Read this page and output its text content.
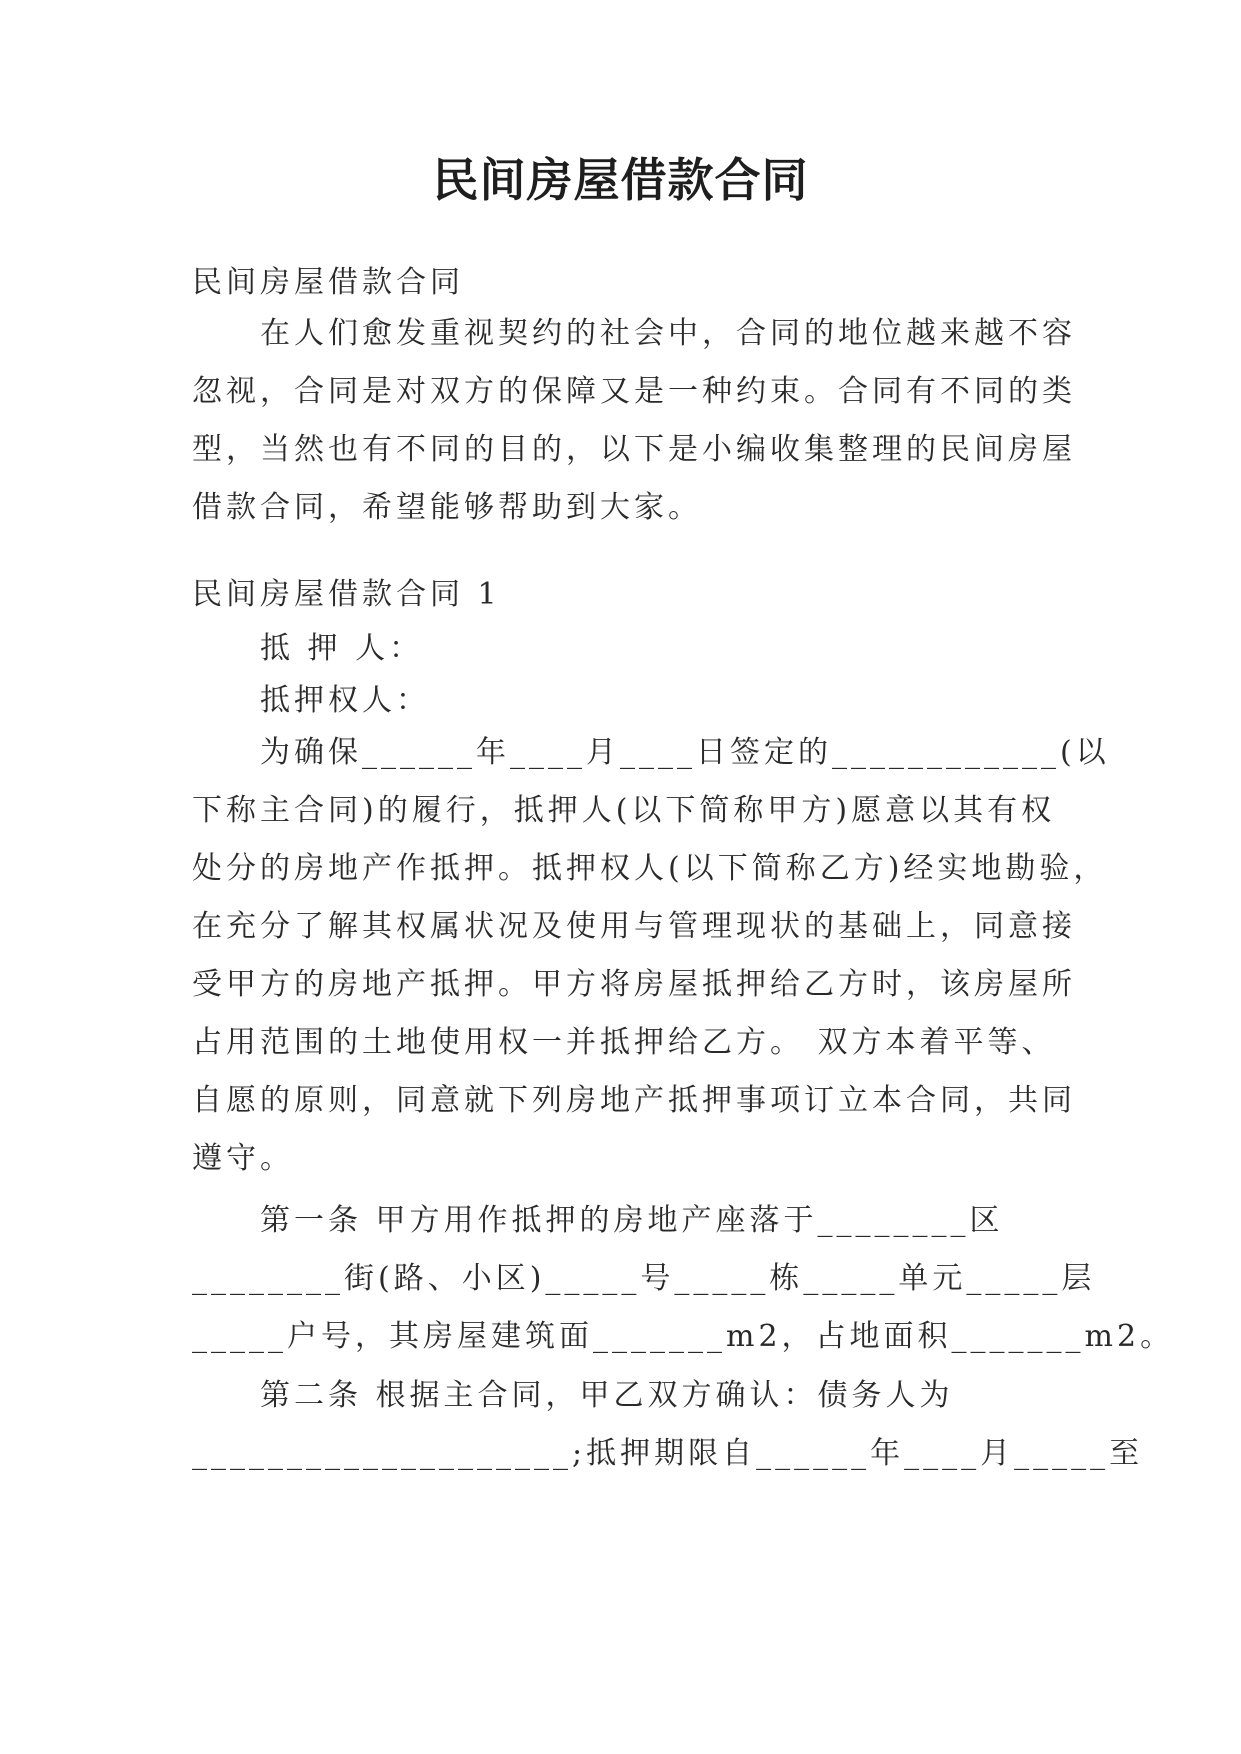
民间房屋借款合同
民间房屋借款合同
　　在人们愈发重视契约的社会中，合同的地位越来越不容
忽视，合同是对双方的保障又是一种约束。合同有不同的类
型，当然也有不同的目的，以下是小编收集整理的民间房屋
借款合同，希望能够帮助到大家。
民间房屋借款合同 1
　　抵 押 人：
　　抵押权人：
　　为确保______年____月____日签定的____________(以
下称主合同)的履行，抵押人(以下简称甲方)愿意以其有权
处分的房地产作抵押。抵押权人(以下简称乙方)经实地勘验，
在充分了解其权属状况及使用与管理现状的基础上，同意接
受甲方的房地产抵押。甲方将房屋抵押给乙方时，该房屋所
占用范围的土地使用权一并抵押给乙方。 双方本着平等、
自愿的原则，同意就下列房地产抵押事项订立本合同，共同
遵守。
　　第一条 甲方用作抵押的房地产座落于________区
________街(路、小区)_____号_____栋_____单元_____层
_____户号，其房屋建筑面_______m2，占地面积_______m2。
　　第二条 根据主合同，甲乙双方确认：债务人为
____________________;抵押期限自______年____月_____至
